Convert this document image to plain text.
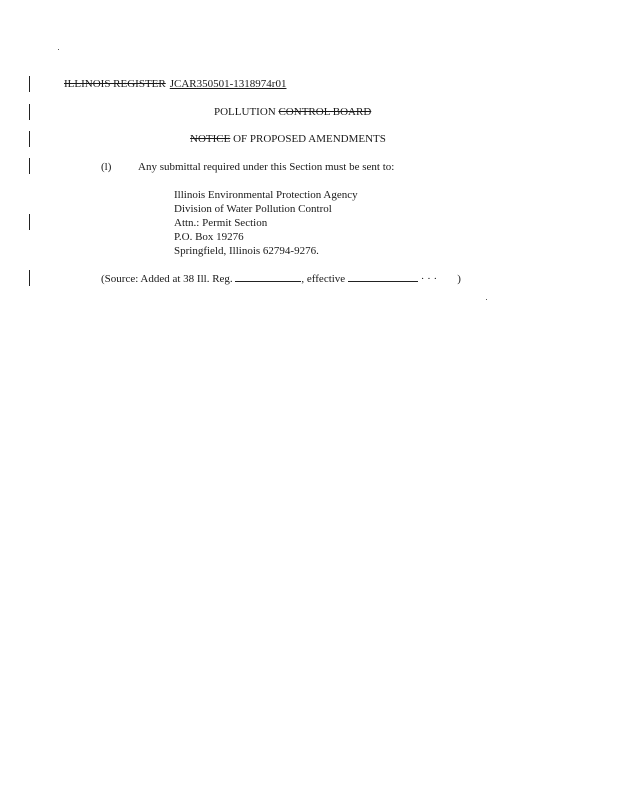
ILLINOIS REGISTER JCAR350501-1318974r01
POLLUTION CONTROL BOARD
NOTICE OF PROPOSED AMENDMENTS
(l) Any submittal required under this Section must be sent to:
Illinois Environmental Protection Agency
Division of Water Pollution Control
Attn.: Permit Section
P.O. Box 19276
Springfield, Illinois 62794-9276.
(Source: Added at 38 Ill. Reg.	, effective	· · · )
